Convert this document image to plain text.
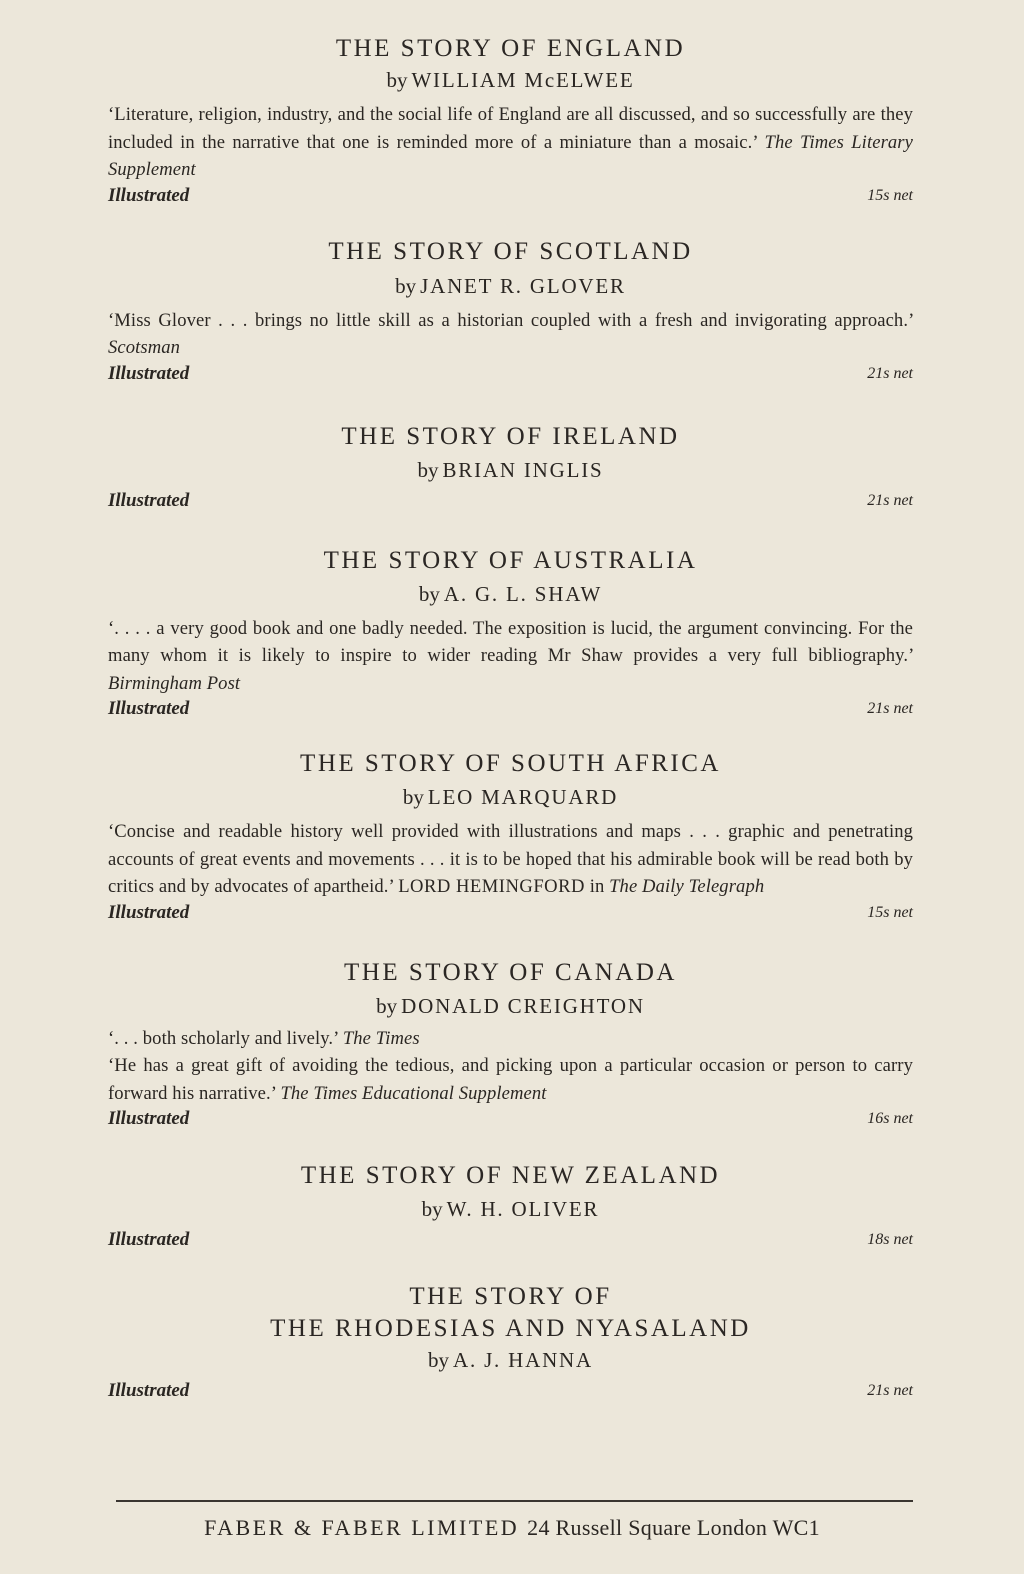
THE STORY OF ENGLAND
by WILLIAM McELWEE
‘Literature, religion, industry, and the social life of England are all discussed, and so successfully are they included in the narrative that one is reminded more of a miniature than a mosaic.’ The Times Literary Supplement
Illustrated	15s net
THE STORY OF SCOTLAND
by JANET R. GLOVER
‘Miss Glover . . . brings no little skill as a historian coupled with a fresh and invigorating approach.’ Scotsman
Illustrated	21s net
THE STORY OF IRELAND
by BRIAN INGLIS
Illustrated	21s net
THE STORY OF AUSTRALIA
by A. G. L. SHAW
‘. . . . a very good book and one badly needed. The exposition is lucid, the argument convincing. For the many whom it is likely to inspire to wider reading Mr Shaw provides a very full bibliography.’ Birmingham Post
Illustrated	21s net
THE STORY OF SOUTH AFRICA
by LEO MARQUARD
‘Concise and readable history well provided with illustrations and maps . . . graphic and penetrating accounts of great events and movements . . . it is to be hoped that his admirable book will be read both by critics and by advocates of apartheid.’ LORD HEMINGFORD in The Daily Telegraph
Illustrated	15s net
THE STORY OF CANADA
by DONALD CREIGHTON
‘. . . both scholarly and lively.’ The Times
‘He has a great gift of avoiding the tedious, and picking upon a particular occasion or person to carry forward his narrative.’ The Times Educational Supplement
Illustrated	16s net
THE STORY OF NEW ZEALAND
by W. H. OLIVER
Illustrated	18s net
THE STORY OF
THE RHODESIAS AND NYASALAND
by A. J. HANNA
Illustrated	21s net
FABER & FABER LIMITED 24 Russell Square London WC1
